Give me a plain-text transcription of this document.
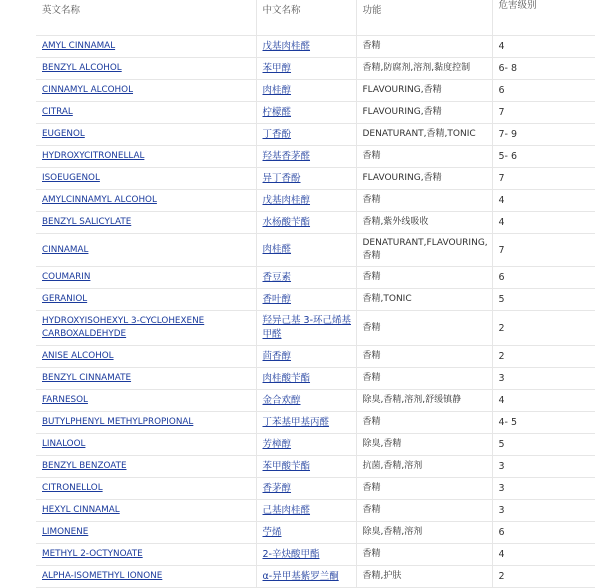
英文名称	中文名称	功能	危害级别
AMYL CINNAMAL	戊基肉桂醛	香精	4
BENZYL ALCOHOL	苯甲醇	香精,防腐剂,溶剂,黏度控制	6- 8
CINNAMYL ALCOHOL	肉桂醇	FLAVOURING,香精	6
CITRAL	柠檬醛	FLAVOURING,香精	7
EUGENOL	丁香酚	DENATURANT,香精,TONIC	7- 9
HYDROXYCITRONELLAL	羟基香茅醛	香精	5- 6
ISOEUGENOL	异丁香酚	FLAVOURING,香精	7
AMYLCINNAMYL ALCOHOL	戊基肉桂醇	香精	4
BENZYL SALICYLATE	水杨酸苄酯	香精,紫外线吸收	4
CINNAMAL	肉桂醛	DENATURANT,FLAVOURING,香精	7
COUMARIN	香豆素	香精	6
GERANIOL	香叶醇	香精,TONIC	5
HYDROXYISOHEXYL 3-CYCLOHEXENE CARBOXALDEHYDE	羟异己基 3-环己烯基甲醛	香精	2
ANISE ALCOHOL	茴香醇	香精	2
BENZYL CINNAMATE	肉桂酸苄酯	香精	3
FARNESOL	金合欢醇	除臭,香精,溶剂,舒缓镇静	4
BUTYLPHENYL METHYLPROPIONAL	丁苯基甲基丙醛	香精	4- 5
LINALOOL	芳樟醇	除臭,香精	5
BENZYL BENZOATE	苯甲酸苄酯	抗菌,香精,溶剂	3
CITRONELLOL	香茅醇	香精	3
HEXYL CINNAMAL	己基肉桂醛	香精	3
LIMONENE	苧烯	除臭,香精,溶剂	6
METHYL 2-OCTYNOATE	2-辛炔酸甲酯	香精	4
ALPHA-ISOMETHYL IONONE	α-异甲基紫罗兰酮	香精,护肤	2
